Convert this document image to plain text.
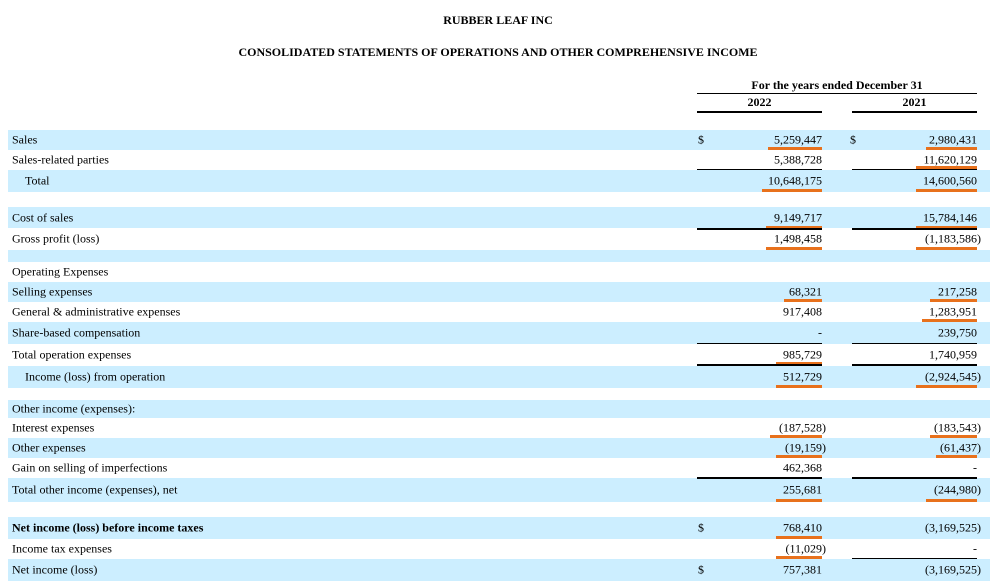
RUBBER LEAF INC
CONSOLIDATED STATEMENTS OF OPERATIONS AND OTHER COMPREHENSIVE INCOME
For the years ended December 31
2022	2021
Sales	$	5,259,447 $	2,980,431
Sales-related parties	5,388,728	11,620,129
Total	10,648,175	14,600,560
Cost of sales	9,149,717	15,784,146
Gross profit (loss)	1,498,458	(1,183,586)
Operating Expenses
Selling expenses	68,321	217,258
General & administrative expenses	917,408	1,283,951
Share-based compensation	-	239,750
Total operation expenses	985,729	1,740,959
Income (loss) from operation	512,729	(2,924,545)
Other income (expenses):
Interest expenses	(187,528)	(183,543)
Other expenses	(19,159)	(61,437)
Gain on selling of imperfections	462,368	-
Total other income (expenses), net	255,681	(244,980)
Net income (loss) before income taxes	$	768,410	(3,169,525)
Income tax expenses	(11,029)	-
Net income (loss)	$	757,381	(3,169,525)
